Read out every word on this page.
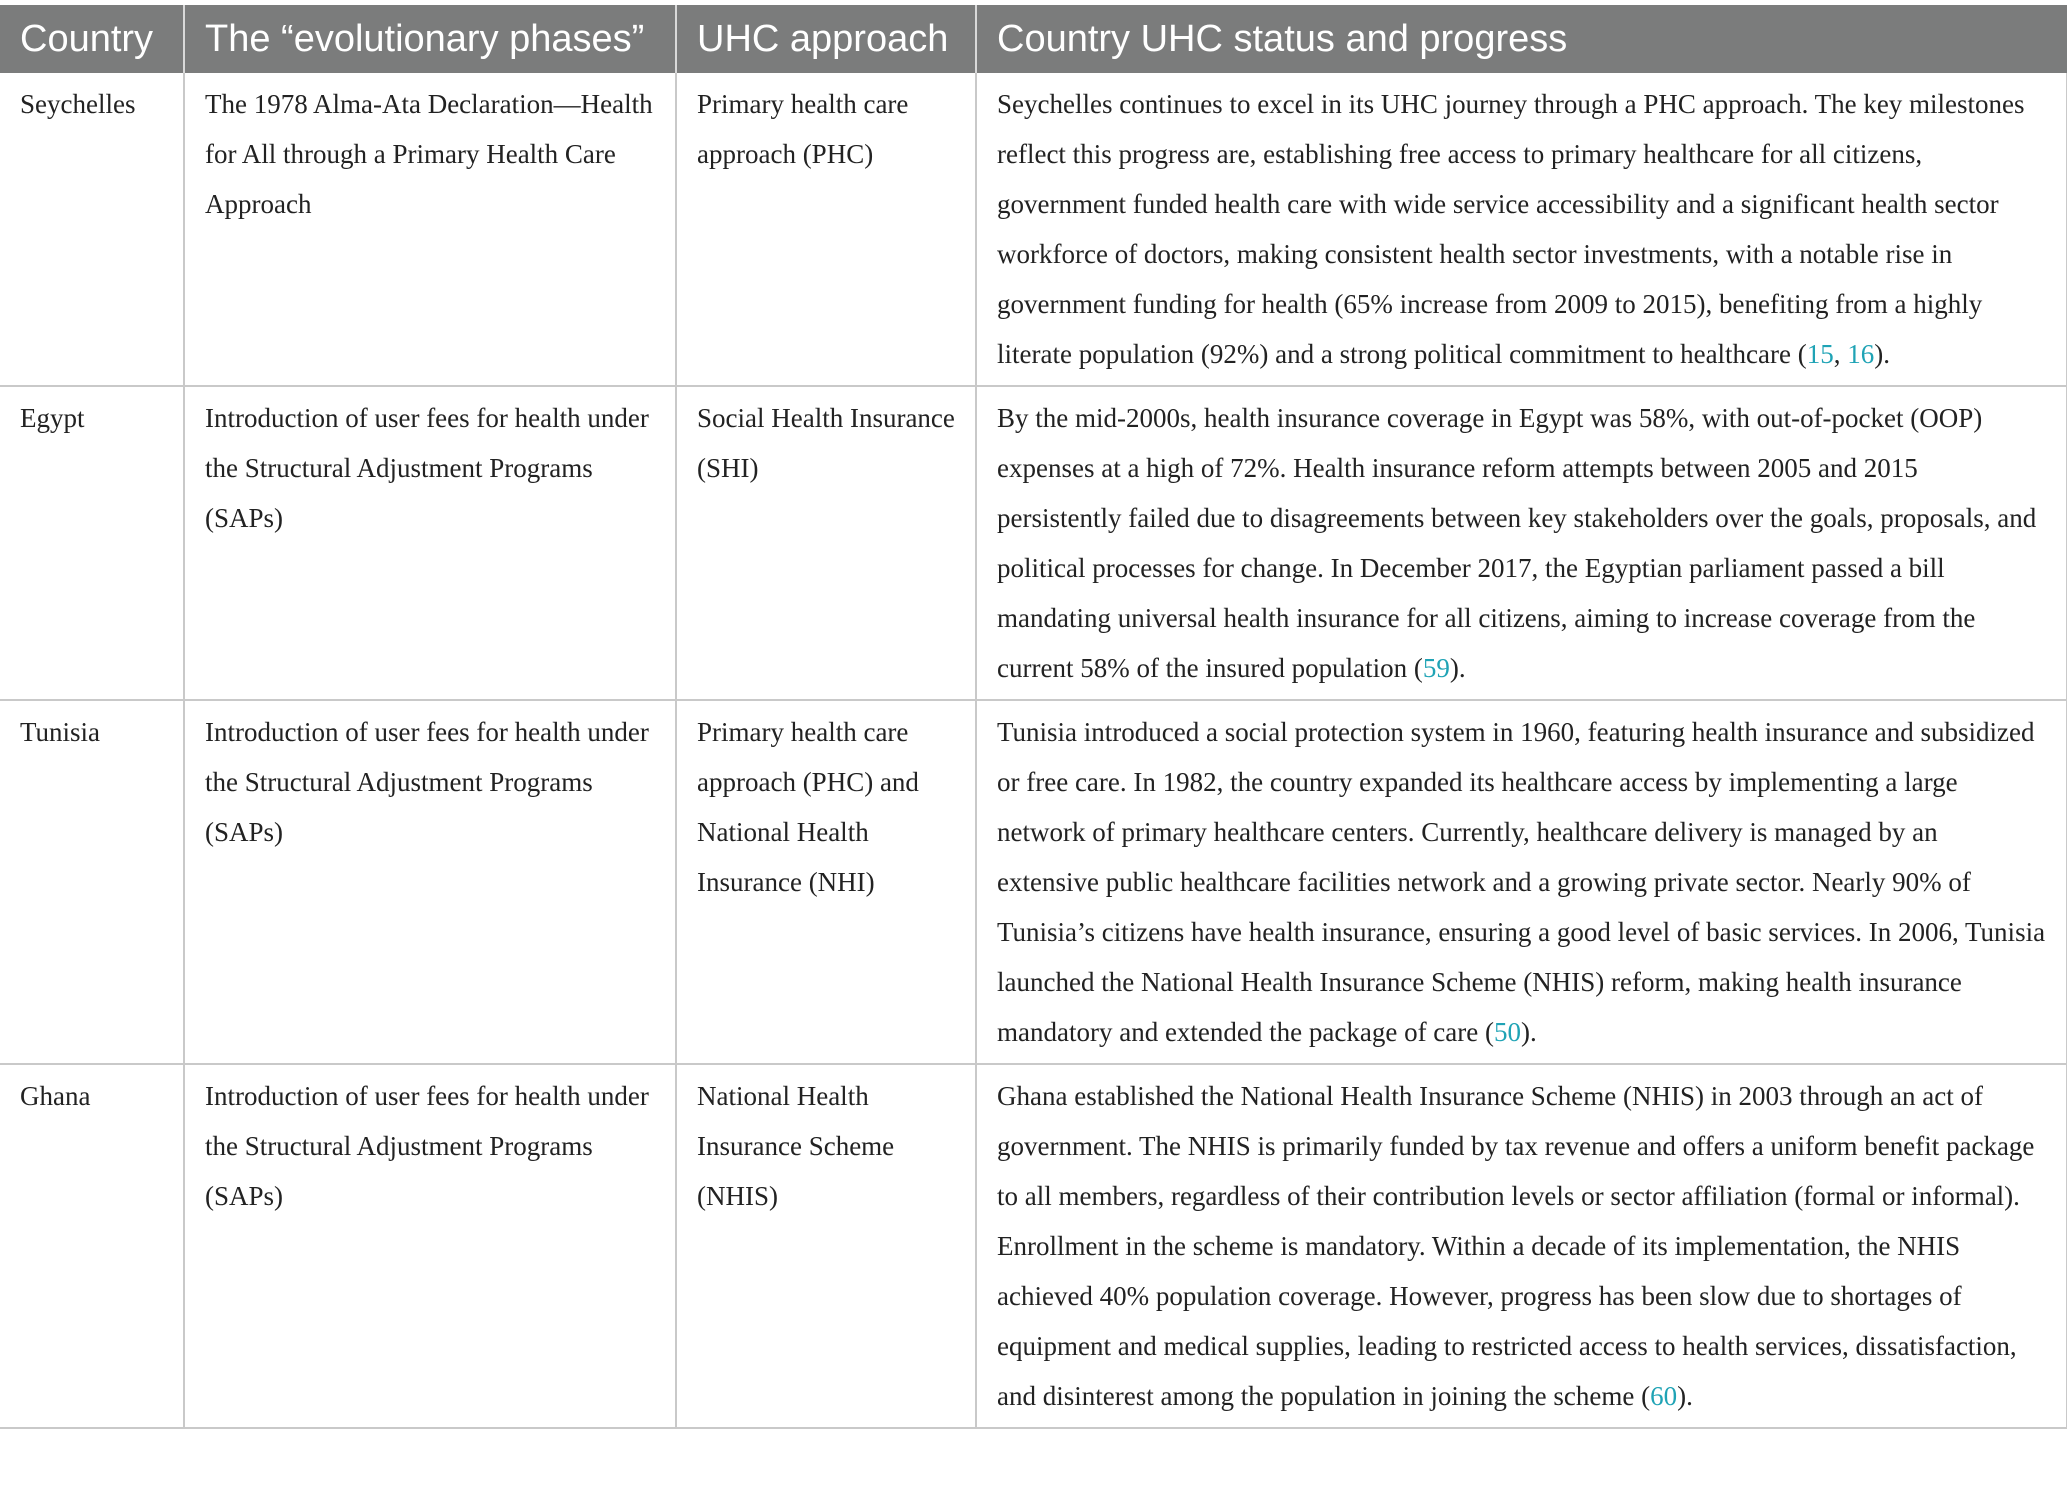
Country	The “evolutionary phases”	UHC approach	Country UHC status and progress
Seychelles	The 1978 Alma-Ata Declaration—Health for All through a Primary Health Care Approach	Primary health care approach (PHC)	Seychelles continues to excel in its UHC journey through a PHC approach. The key milestones reflect this progress are, establishing free access to primary healthcare for all citizens, government funded health care with wide service accessibility and a significant health sector workforce of doctors, making consistent health sector investments, with a notable rise in government funding for health (65% increase from 2009 to 2015), benefiting from a highly literate population (92%) and a strong political commitment to healthcare (15, 16).
Egypt	Introduction of user fees for health under the Structural Adjustment Programs (SAPs)	Social Health Insurance (SHI)	By the mid-2000s, health insurance coverage in Egypt was 58%, with out-of-pocket (OOP) expenses at a high of 72%. Health insurance reform attempts between 2005 and 2015 persistently failed due to disagreements between key stakeholders over the goals, proposals, and political processes for change. In December 2017, the Egyptian parliament passed a bill mandating universal health insurance for all citizens, aiming to increase coverage from the current 58% of the insured population (59).
Tunisia	Introduction of user fees for health under the Structural Adjustment Programs (SAPs)	Primary health care approach (PHC) and National Health Insurance (NHI)	Tunisia introduced a social protection system in 1960, featuring health insurance and subsidized or free care. In 1982, the country expanded its healthcare access by implementing a large network of primary healthcare centers. Currently, healthcare delivery is managed by an extensive public healthcare facilities network and a growing private sector. Nearly 90% of Tunisia’s citizens have health insurance, ensuring a good level of basic services. In 2006, Tunisia launched the National Health Insurance Scheme (NHIS) reform, making health insurance mandatory and extended the package of care (50).
Ghana	Introduction of user fees for health under the Structural Adjustment Programs (SAPs)	National Health Insurance Scheme (NHIS)	Ghana established the National Health Insurance Scheme (NHIS) in 2003 through an act of government. The NHIS is primarily funded by tax revenue and offers a uniform benefit package to all members, regardless of their contribution levels or sector affiliation (formal or informal). Enrollment in the scheme is mandatory. Within a decade of its implementation, the NHIS achieved 40% population coverage. However, progress has been slow due to shortages of equipment and medical supplies, leading to restricted access to health services, dissatisfaction, and disinterest among the population in joining the scheme (60).
